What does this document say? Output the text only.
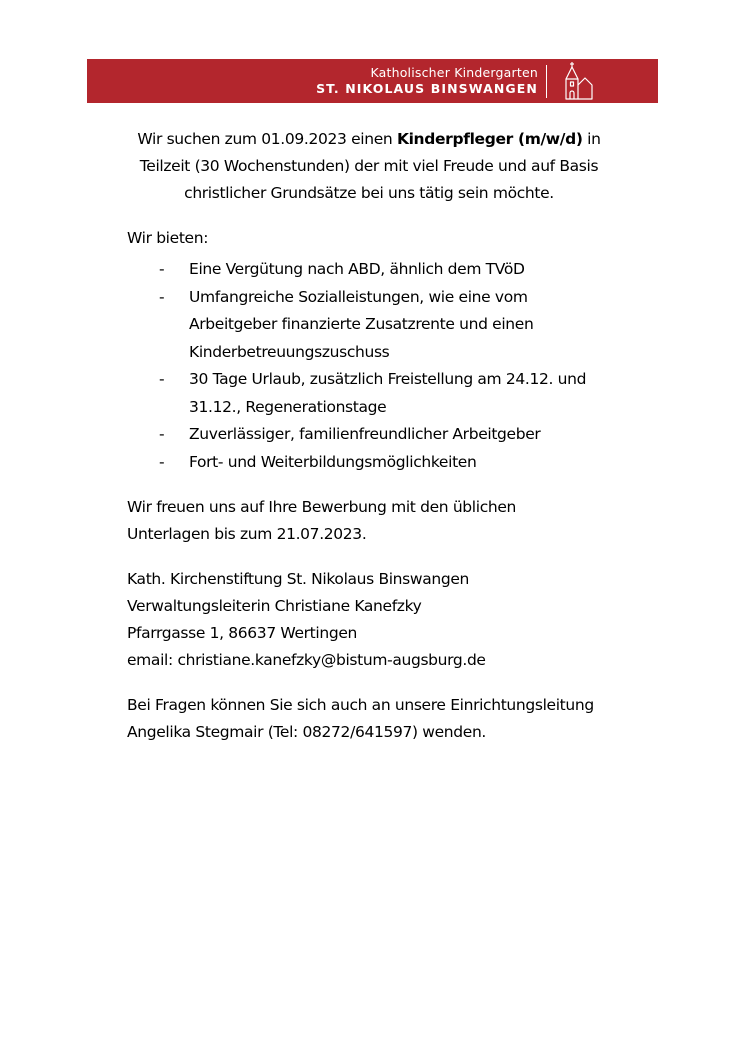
Katholischer Kindergarten
ST. NIKOLAUS BINSWANGEN

Wir suchen zum 01.09.2023 einen Kinderpfleger (m/w/d) in

Teilzeit (30 Wochenstunden) der mit viel Freude und auf Basis

christlicher Grundsätze bei uns tätig sein möchte.

Wir bieten:

- Eine Vergütung nach ABD, ähnlich dem TVöD
- Umfangreiche Sozialleistungen, wie eine vom
Arbeitgeber finanzierte Zusatzrente und einen
Kinderbetreuungszuschuss
- 30 Tage Urlaub, zusätzlich Freistellung am 24.12. und
31.12., Regenerationstage
- Zuverlässiger, familienfreundlicher Arbeitgeber
- Fort- und Weiterbildungsmöglichkeiten

Wir freuen uns auf Ihre Bewerbung mit den üblichen

Unterlagen bis zum 21.07.2023.

Kath. Kirchenstiftung St. Nikolaus Binswangen

Verwaltungsleiterin Christiane Kanefzky

Pfarrgasse 1, 86637 Wertingen

email: christiane.kanefzky@bistum-augsburg.de

Bei Fragen können Sie sich auch an unsere Einrichtungsleitung

Angelika Stegmair (Tel: 08272/641597) wenden.
